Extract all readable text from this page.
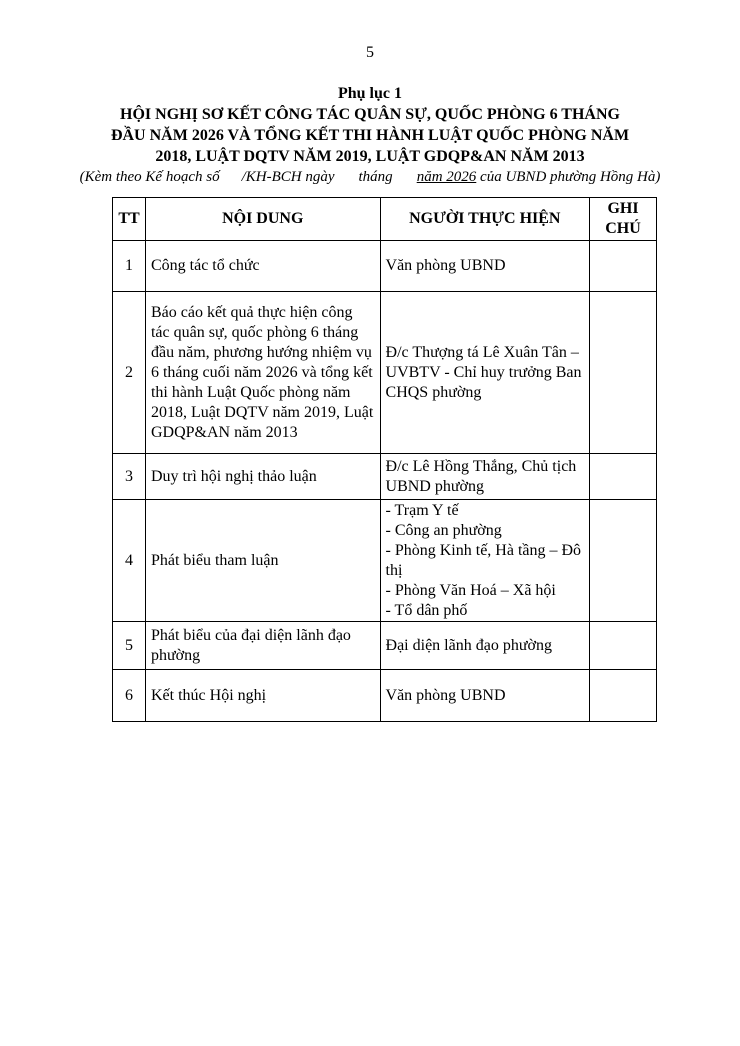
5
Phụ lục 1
HỘI NGHỊ SƠ KẾT CÔNG TÁC QUÂN SỰ, QUỐC PHÒNG 6 THÁNG
ĐẦU NĂM 2026 VÀ TỔNG KẾT THI HÀNH LUẬT QUỐC PHÒNG NĂM
2018, LUẬT DQTV NĂM 2019, LUẬT GDQP&AN NĂM 2013
(Kèm theo Kế hoạch số /KH-BCH ngày tháng năm 2026 của UBND phường Hồng Hà)
TT	NỘI DUNG	NGƯỜI THỰC HIỆN	GHI CHÚ
1	Công tác tổ chức	Văn phòng UBND	
2	Báo cáo kết quả thực hiện công tác quân sự, quốc phòng 6 tháng đầu năm, phương hướng nhiệm vụ 6 tháng cuối năm 2026 và tổng kết thi hành Luật Quốc phòng năm 2018, Luật DQTV năm 2019, Luật GDQP&AN năm 2013	Đ/c Thượng tá Lê Xuân Tân – UVBTV - Chỉ huy trưởng Ban CHQS phường	
3	Duy trì hội nghị thảo luận	Đ/c Lê Hồng Thắng, Chủ tịch UBND phường	
4	Phát biểu tham luận	- Trạm Y tế
- Công an phường
- Phòng Kinh tế, Hà tầng – Đô thị
- Phòng Văn Hoá – Xã hội
- Tổ dân phố	

5	Phát biểu của đại diện lãnh đạo phường	Đại diện lãnh đạo phường	
6	Kết thúc Hội nghị	Văn phòng UBND	
